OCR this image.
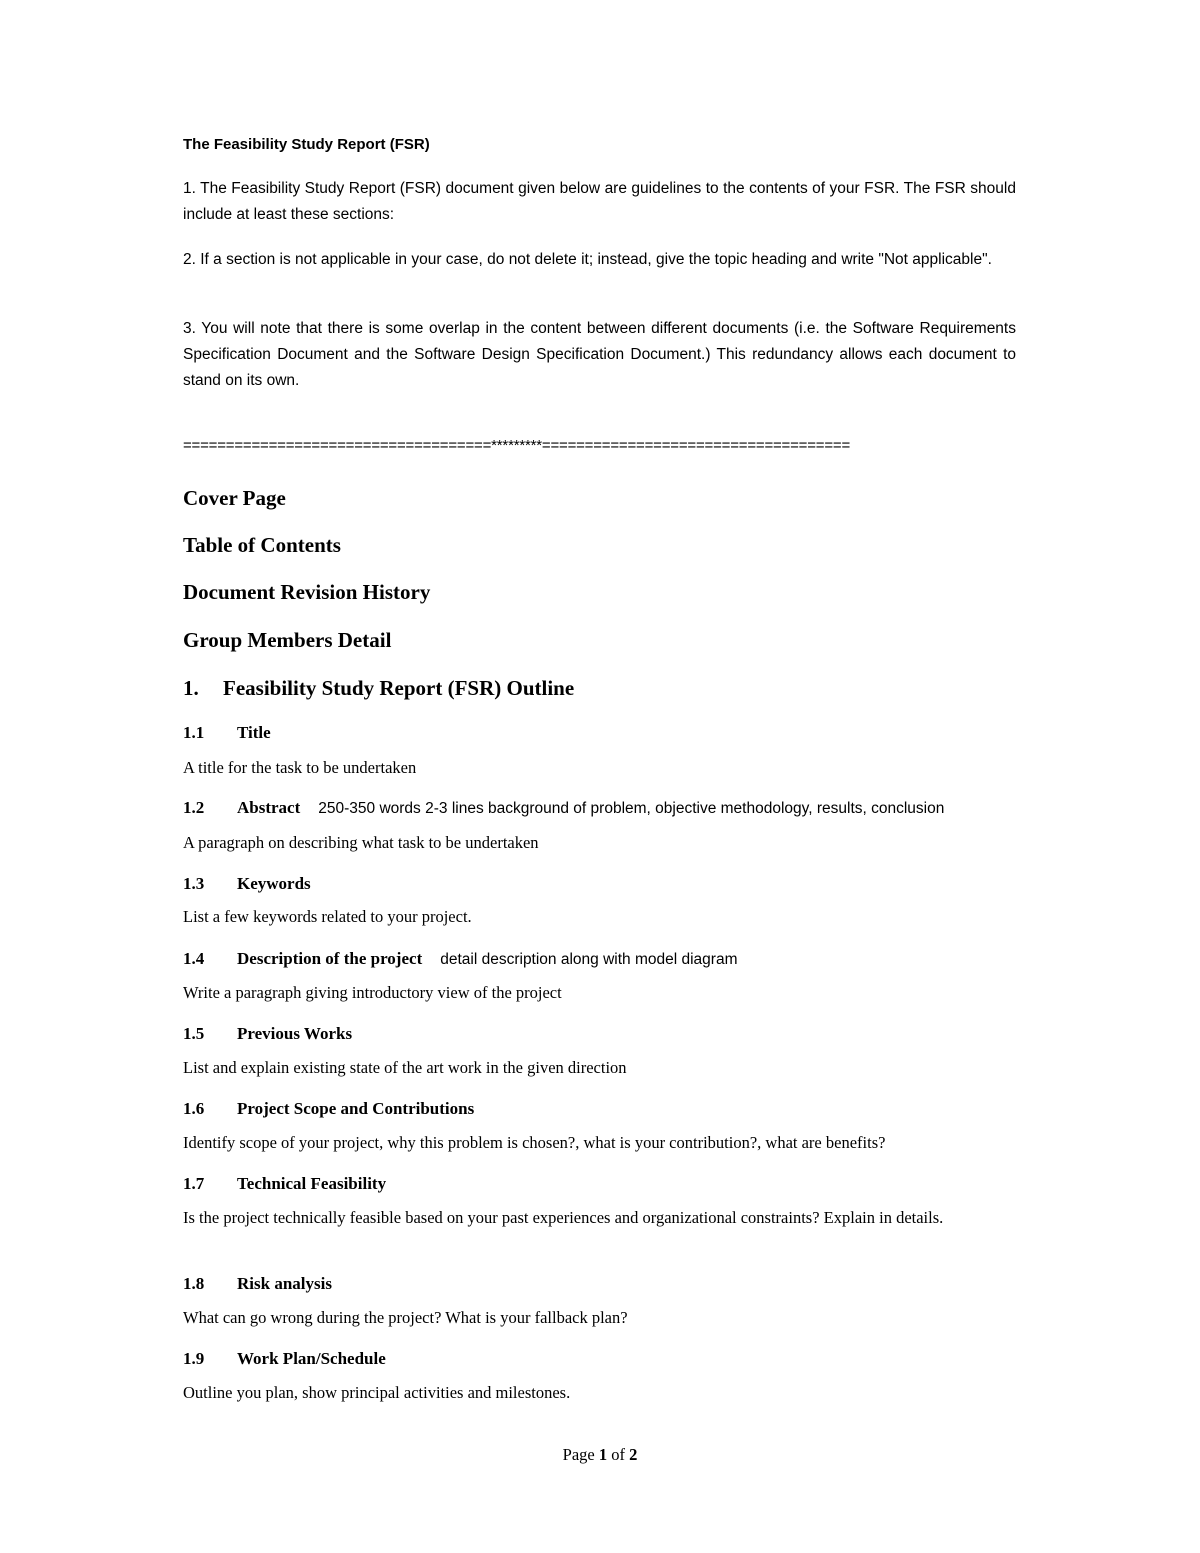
The Feasibility Study Report (FSR)
1. The Feasibility Study Report (FSR) document given below are guidelines to the contents of your FSR. The FSR should include at least these sections:
2. If a section is not applicable in your case, do not delete it; instead, give the topic heading and write "Not applicable".
3. You will note that there is some overlap in the content between different documents (i.e. the Software Requirements Specification Document and the Software Design Specification Document.) This redundancy allows each document to stand on its own.
====================================*********====================================
Cover Page
Table of Contents
Document Revision History
Group Members Detail
1. Feasibility Study Report (FSR) Outline
1.1 Title
A title for the task to be undertaken
1.2 Abstract 250-350 words 2-3 lines background of problem, objective methodology, results, conclusion
A paragraph on describing what task to be undertaken
1.3 Keywords
List a few keywords related to your project.
1.4 Description of the project detail description along with model diagram
Write a paragraph giving introductory view of the project
1.5 Previous Works
List and explain existing state of the art work in the given direction
1.6 Project Scope and Contributions
Identify scope of your project, why this problem is chosen?, what is your contribution?, what are benefits?
1.7 Technical Feasibility
Is the project technically feasible based on your past experiences and organizational constraints? Explain in details.
1.8 Risk analysis
What can go wrong during the project? What is your fallback plan?
1.9 Work Plan/Schedule
Outline you plan, show principal activities and milestones.
Page 1 of 2
